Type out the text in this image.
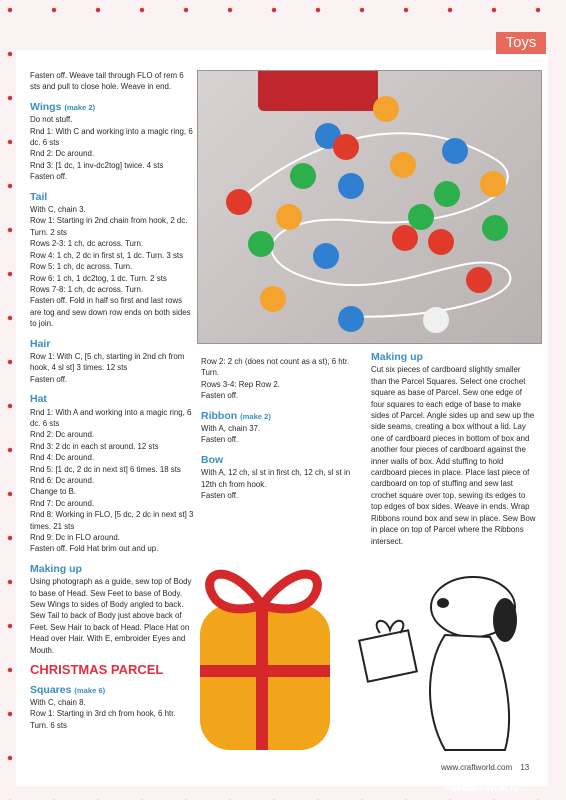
Toys

Fasten off. Weave tail through FLO of rem 6 sts and pull to close hole. Weave in end.

Wings (make 2)

Do not stuff.

Rnd 1: With C and working into a magic ring, 6 dc. 6 sts

Rnd 2: Dc around.

Rnd 3: [1 dc, 1 inv-dc2tog] twice. 4 sts

Fasten off.

Tail

With C, chain 3.

Row 1: Starting in 2nd chain from hook, 2 dc. Turn. 2 sts

Rows 2-3: 1 ch, dc across. Turn.

Row 4: 1 ch, 2 dc in first st, 1 dc. Turn. 3 sts

Row 5: 1 ch, dc across. Turn.

Row 6: 1 ch, 1 dc2tog, 1 dc. Turn. 2 sts

Rows 7-8: 1 ch, dc across. Turn.

Fasten off. Fold in half so first and last rows are tog and sew down row ends on both sides to join.

Hair

Row 1: With C, [5 ch, starting in 2nd ch from hook, 4 sl st] 3 times. 12 sts

Fasten off.

Hat

Rnd 1: With A and working into a magic ring, 6 dc. 6 sts

Rnd 2: Dc around.

Rnd 3: 2 dc in each st around. 12 sts

Rnd 4: Dc around.

Rnd 5: [1 dc, 2 dc in next st] 6 times. 18 sts

Rnd 6: Dc around.

Change to B.

Rnd 7: Dc around.

Rnd 8: Working in FLO, [5 dc, 2 dc in next st] 3 times. 21 sts

Rnd 9: Dc in FLO around.

Fasten off. Fold Hat brim out and up.

Making up

Using photograph as a guide, sew top of Body to base of Head. Sew Feet to base of Body. Sew Wings to sides of Body angled to back. Sew Tail to back of Body just above back of Feet. Sew Hair to back of Head. Place Hat on Head over Hair. With E, embroider Eyes and Mouth.

CHRISTMAS PARCEL

Squares (make 6)

With C, chain 8.

Row 1: Starting in 3rd ch from hook, 6 htr. Turn. 6 sts

Row 2: 2 ch (does not count as a st), 6 htr. Turn.

Rows 3-4: Rep Row 2.

Fasten off.

Ribbon (make 2)

With A, chain 37.

Fasten off.

Bow

With A, 12 ch, sl st in first ch, 12 ch, sl st in 12th ch from hook.

Fasten off.

Making up

Cut six pieces of cardboard slightly smaller than the Parcel Squares. Select one crochet square as base of Parcel. Sew one edge of four squares to each edge of base to make sides of Parcel. Angle sides up and sew up the side seams, creating a box without a lid. Lay one of cardboard pieces in bottom of box and another four pieces of cardboard against the inner walls of box. Add stuffing to hold cardboard pieces in place. Place last piece of cardboard on top of stuffing and sew last crochet square over top, sewing its edges to top edges of box sides. Weave in ends. Wrap Ribbons round box and sew in place. Sew Bow in place on top of Parcel where the Ribbons intersect.

www.craftworld.com 13
PassionForum.ru
